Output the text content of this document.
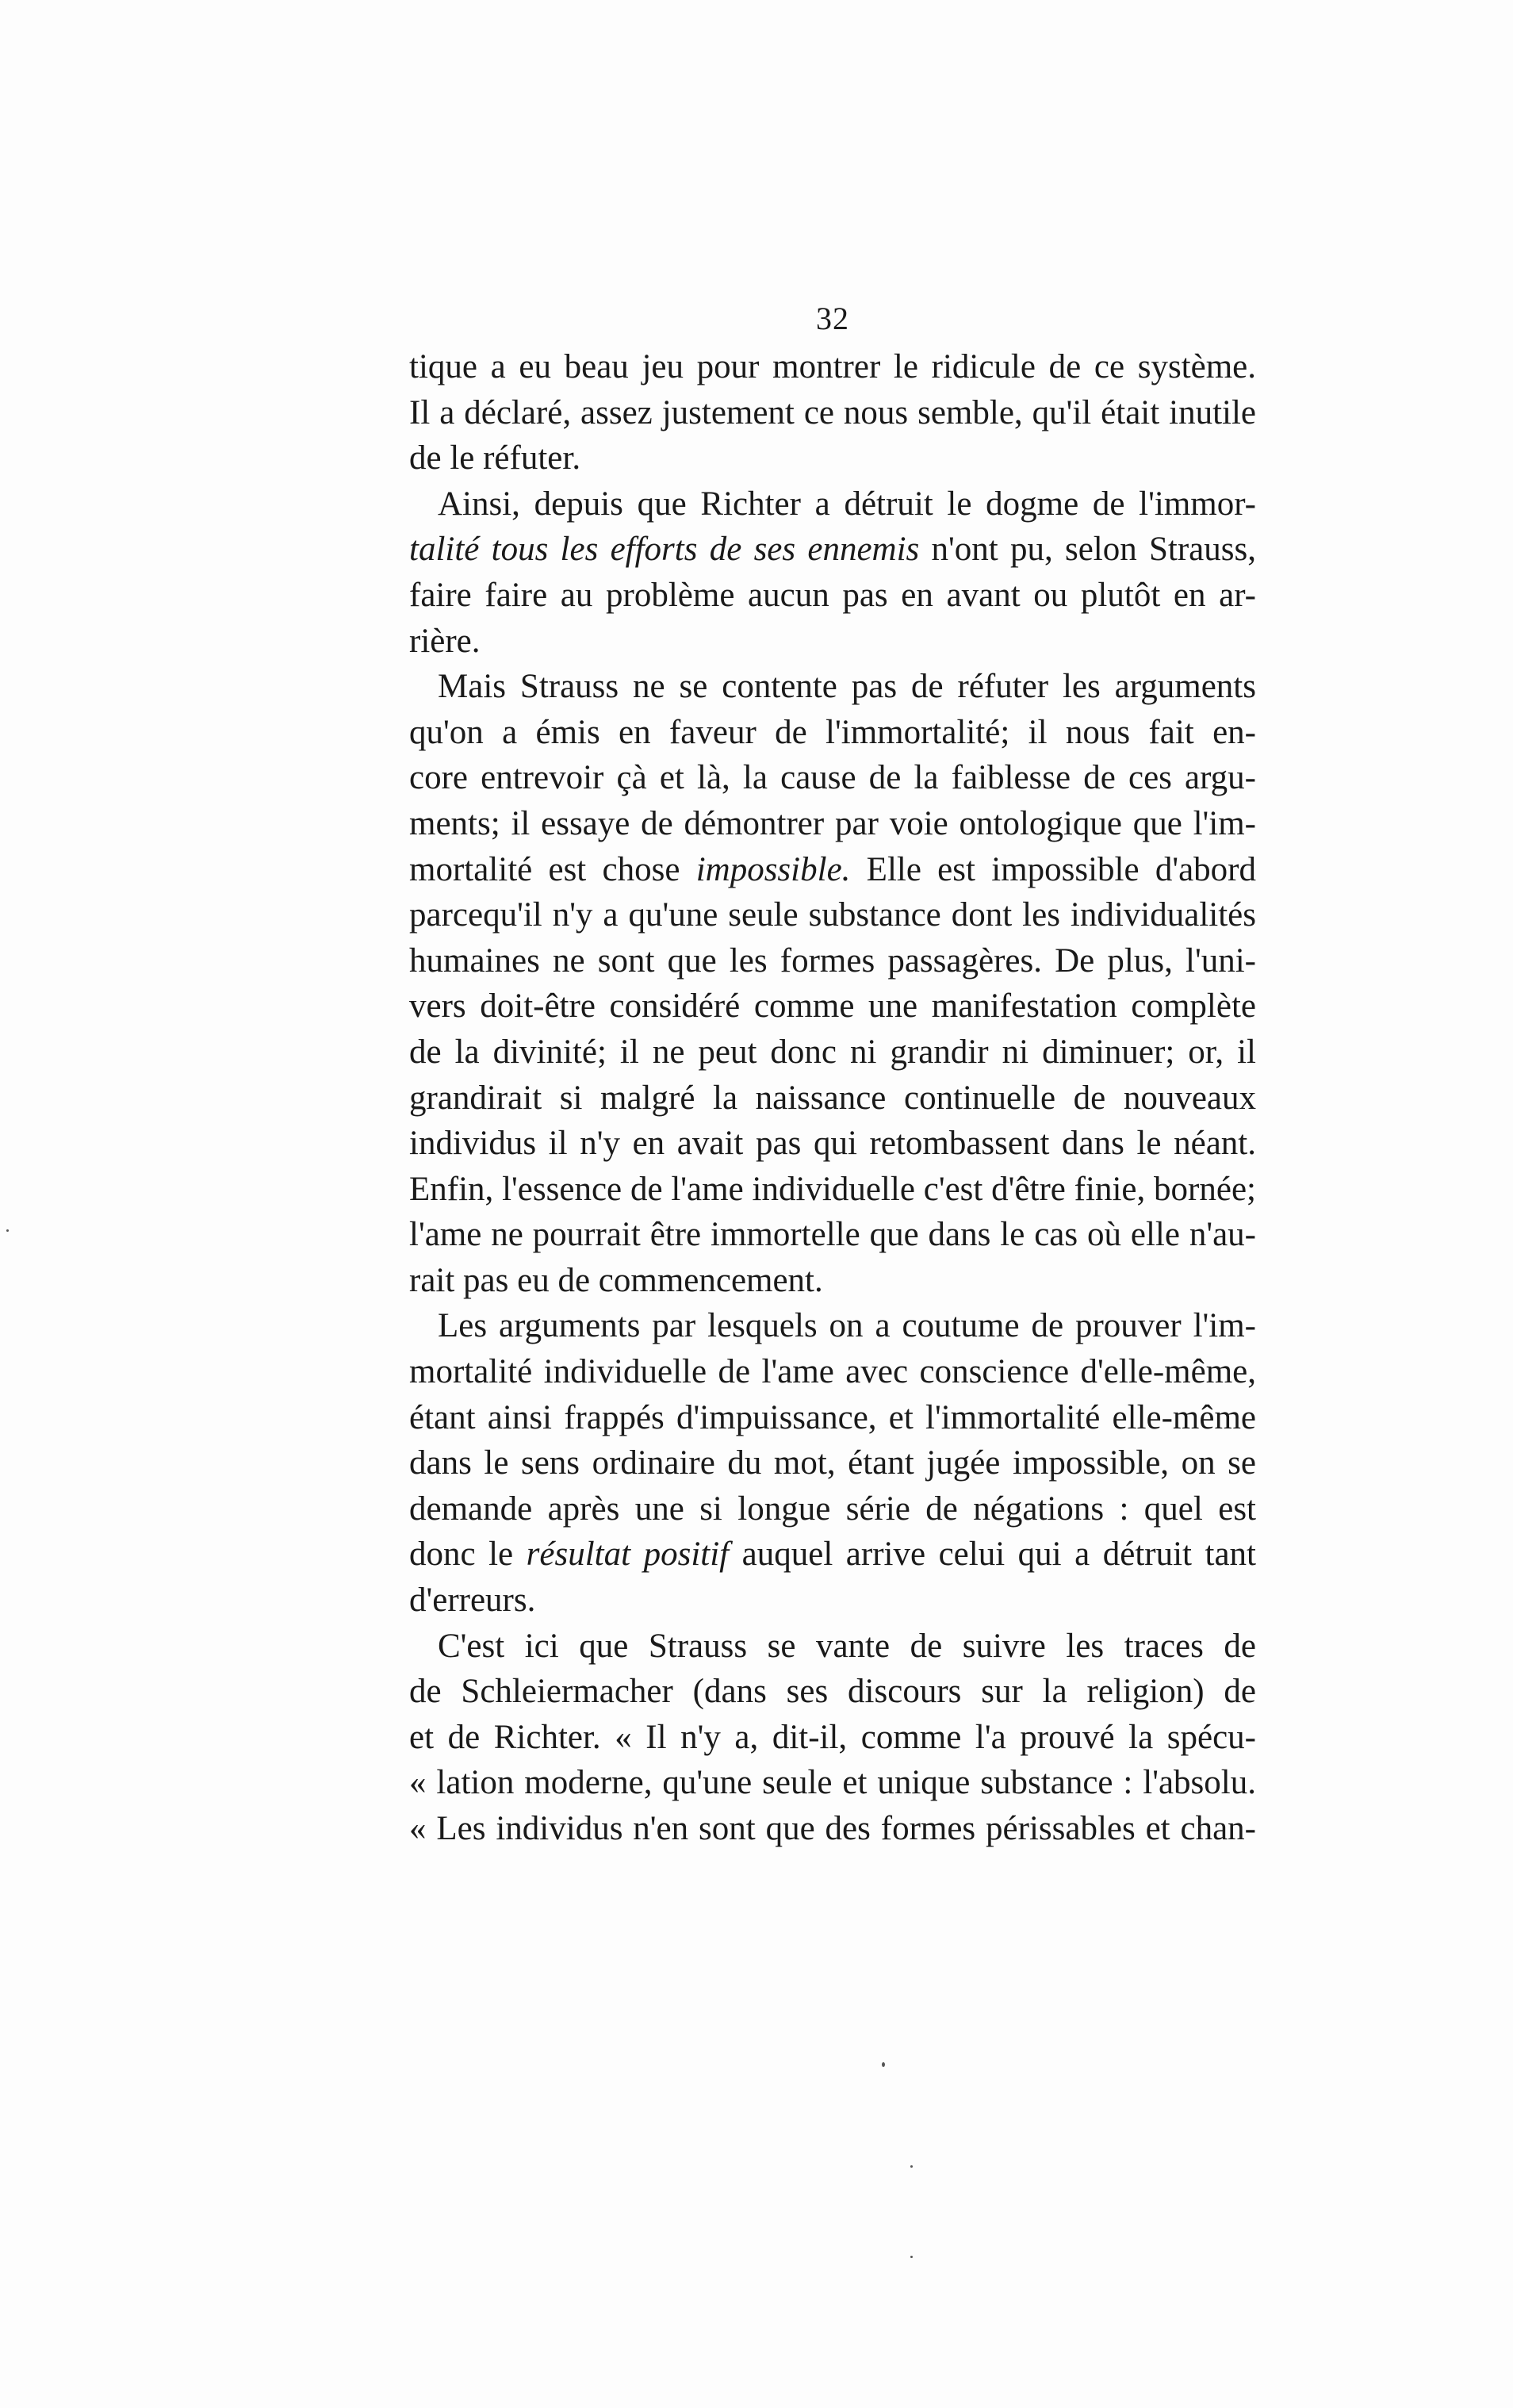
32
tique a eu beau jeu pour montrer le ridicule de ce système.
Il a déclaré, assez justement ce nous semble, qu'il était inutile
de le réfuter.
Ainsi, depuis que Richter a détruit le dogme de l'immor-
talité tous les efforts de ses ennemis n'ont pu, selon Strauss,
faire faire au problème aucun pas en avant ou plutôt en ar-
rière.
Mais Strauss ne se contente pas de réfuter les arguments
qu'on a émis en faveur de l'immortalité; il nous fait en-
core entrevoir çà et là, la cause de la faiblesse de ces argu-
ments; il essaye de démontrer par voie ontologique que l'im-
mortalité est chose impossible. Elle est impossible d'abord
parcequ'il n'y a qu'une seule substance dont les individualités
humaines ne sont que les formes passagères. De plus, l'uni-
vers doit-être considéré comme une manifestation complète
de la divinité; il ne peut donc ni grandir ni diminuer; or, il
grandirait si malgré la naissance continuelle de nouveaux
individus il n'y en avait pas qui retombassent dans le néant.
Enfin, l'essence de l'ame individuelle c'est d'être finie, bornée;
l'ame ne pourrait être immortelle que dans le cas où elle n'au-
rait pas eu de commencement.
Les arguments par lesquels on a coutume de prouver l'im-
mortalité individuelle de l'ame avec conscience d'elle-même,
étant ainsi frappés d'impuissance, et l'immortalité elle-même
dans le sens ordinaire du mot, étant jugée impossible, on se
demande après une si longue série de négations : quel est
donc le résultat positif auquel arrive celui qui a détruit tant
d'erreurs.
C'est ici que Strauss se vante de suivre les traces de
de Schleiermacher (dans ses discours sur la religion) de
et de Richter. « Il n'y a, dit-il, comme l'a prouvé la spécu-
« lation moderne, qu'une seule et unique substance : l'absolu.
« Les individus n'en sont que des formes périssables et chan-
